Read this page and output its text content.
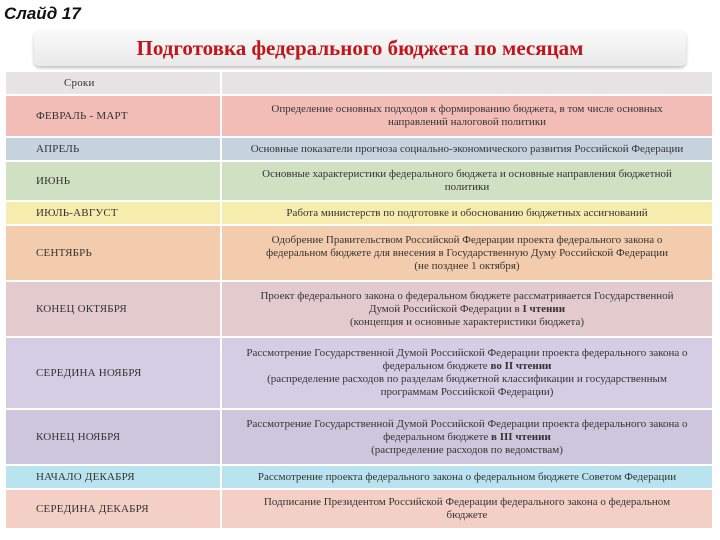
Слайд 17
Подготовка федерального бюджета по месяцам
Сроки	
ФЕВРАЛЬ - МАРТ	Определение основных подходов к формированию бюджета, в том числе основных
направлений налоговой политики
АПРЕЛЬ	Основные показатели прогноза социально-экономического развития Российской Федерации
ИЮНЬ	Основные характеристики федерального бюджета и основные направления бюджетной
политики
ИЮЛЬ-АВГУСТ	Работа министерств по подготовке и обоснованию бюджетных ассигнований
СЕНТЯБРЬ	Одобрение Правительством Российской Федерации проекта федерального закона о
федеральном бюджете для внесения в Государственную Думу Российской Федерации
(не позднее 1 октября)
КОНЕЦ ОКТЯБРЯ	Проект федерального закона о федеральном бюджете рассматривается Государственной
Думой Российской Федерации в I чтении
(концепция и основные характеристики бюджета)
СЕРЕДИНА НОЯБРЯ	Рассмотрение Государственной Думой Российской Федерации проекта федерального закона о
федеральном бюджете во II чтении
(распределение расходов по разделам бюджетной классификации и государственным
программам Российской Федерации)
КОНЕЦ НОЯБРЯ	Рассмотрение Государственной Думой Российской Федерации проекта федерального закона о
федеральном бюджете в III чтении
(распределение расходов по ведомствам)
НАЧАЛО ДЕКАБРЯ	Рассмотрение проекта федерального закона о федеральном бюджете Советом Федерации
СЕРЕДИНА ДЕКАБРЯ	Подписание Президентом Российской Федерации федерального закона о федеральном
бюджете
